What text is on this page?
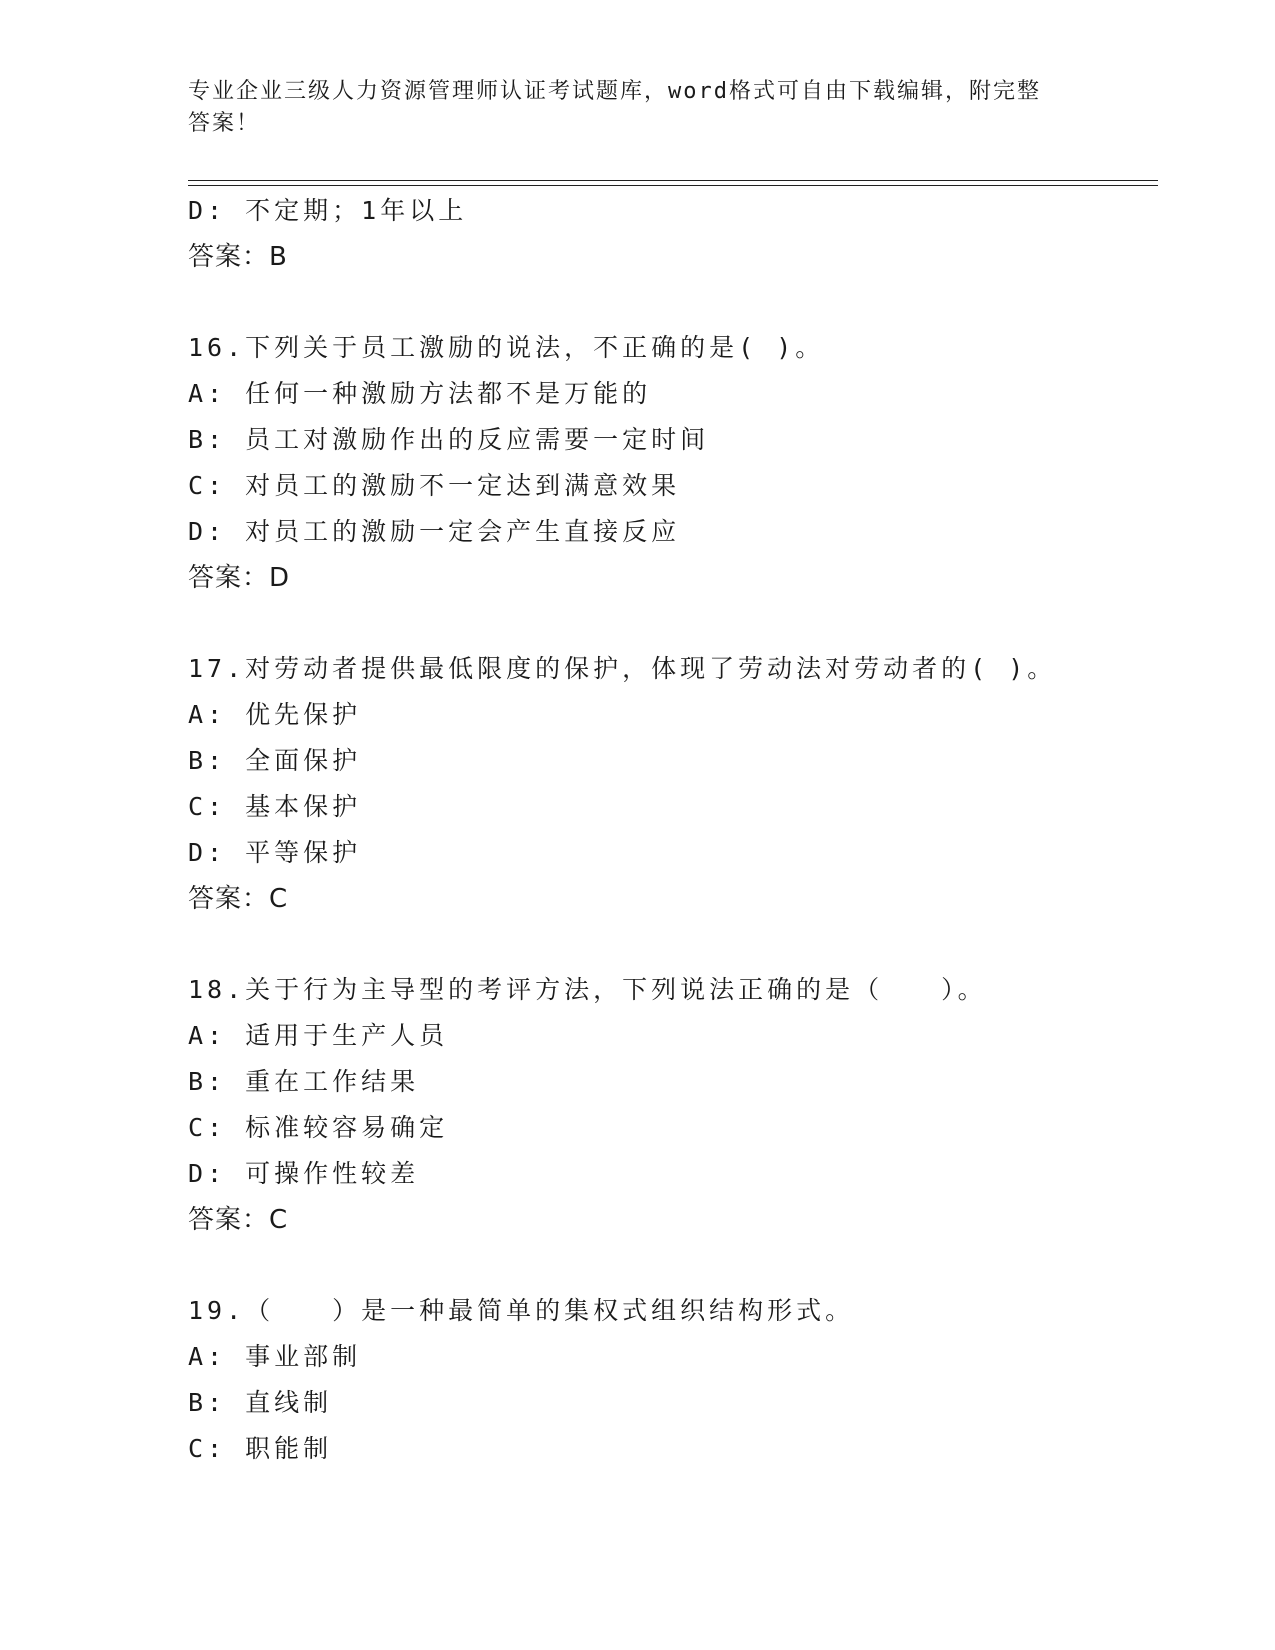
专业企业三级人力资源管理师认证考试题库，word格式可自由下载编辑，附完整
答案！
D: 不定期；1年以上
答案：B
16.下列关于员工激励的说法，不正确的是( )。
A: 任何一种激励方法都不是万能的
B: 员工对激励作出的反应需要一定时间
C: 对员工的激励不一定达到满意效果
D: 对员工的激励一定会产生直接反应
答案：D
17.对劳动者提供最低限度的保护，体现了劳动法对劳动者的( )。
A: 优先保护
B: 全面保护
C: 基本保护
D: 平等保护
答案：C
18.关于行为主导型的考评方法，下列说法正确的是（　　）。
A: 适用于生产人员
B: 重在工作结果
C: 标准较容易确定
D: 可操作性较差
答案：C
19.（　　）是一种最简单的集权式组织结构形式。
A: 事业部制
B: 直线制
C: 职能制
